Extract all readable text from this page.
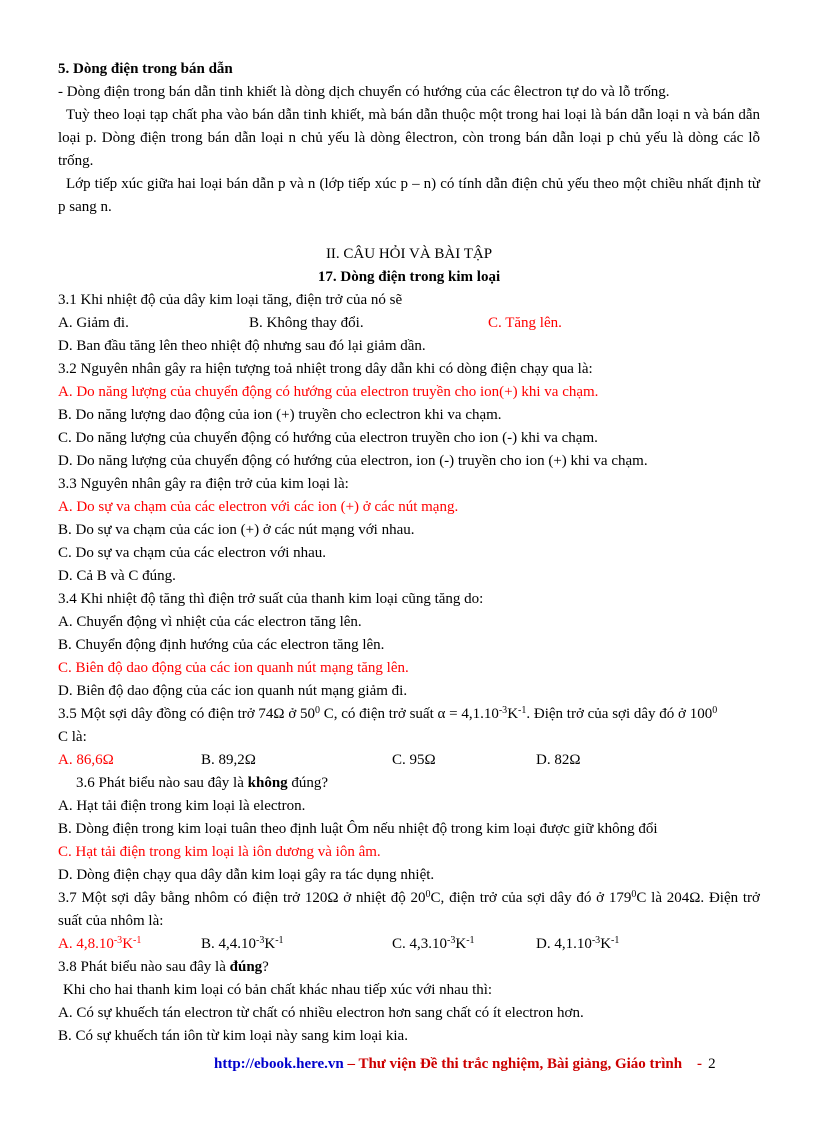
5. Dòng điện trong bán dẫn

- Dòng điện trong bán dẫn tinh khiết là dòng dịch chuyển có hướng của các êlectron tự do và lỗ trống.

Tuỳ theo loại tạp chất pha vào bán dẫn tinh khiết, mà bán dẫn thuộc một trong hai loại là bán dẫn loại n và bán dẫn loại p. Dòng điện trong bán dẫn loại n chủ yếu là dòng êlectron, còn trong bán dẫn loại p chủ yếu là dòng các lỗ trống.

Lớp tiếp xúc giữa hai loại bán dẫn p và n (lớp tiếp xúc p – n) có tính dẫn điện chủ yếu theo một chiều nhất định từ p sang n.

II. CÂU HỎI VÀ BÀI TẬP

17. Dòng điện trong kim loại

3.1 Khi nhiệt độ của dây kim loại tăng, điện trở của nó sẽ

A. Giảm đi.	B. Không thay đổi.	C. Tăng lên.

D. Ban đầu tăng lên theo nhiệt độ nhưng sau đó lại giảm dần.

3.2 Nguyên nhân gây ra hiện tượng toả nhiệt trong dây dẫn khi có dòng điện chạy qua là:

A. Do năng lượng của chuyển động có hướng của electron truyền cho ion(+) khi va chạm.

B. Do năng lượng dao động của ion (+) truyền cho eclectron khi va chạm.

C. Do năng lượng của chuyển động có hướng của electron truyền cho ion (-) khi va chạm.

D. Do năng lượng của chuyển động có hướng của electron, ion (-) truyền cho ion (+) khi va chạm.

3.3 Nguyên nhân gây ra điện trở của kim loại là:

A. Do sự va chạm của các electron với các ion (+) ở các nút mạng.

B. Do sự va chạm của các ion (+) ở các nút mạng với nhau.

C. Do sự va chạm của các electron với nhau.

D. Cả B và C đúng.

3.4 Khi nhiệt độ tăng thì điện trở suất của thanh kim loại cũng tăng do:

A. Chuyển động vì nhiệt của các electron tăng lên.

B. Chuyển động định hướng của các electron tăng lên.

C. Biên độ dao động của các ion quanh nút mạng tăng lên.

D. Biên độ dao động của các ion quanh nút mạng giảm đi.

3.5 Một sợi dây đồng có điện trở 74Ω ở $50^0$ C, có điện trở suất $\alpha = 4,1.10^{-3}K^{-1}$. Điện trở của sợi dây đó ở $100^0$
C là:

A. 86,6Ω	B. 89,2Ω	C. 95Ω	D. 82Ω

3.6 Phát biểu nào sau đây là không đúng?

A. Hạt tải điện trong kim loại là electron.

B. Dòng điện trong kim loại tuân theo định luật Ôm nếu nhiệt độ trong kim loại được giữ không đổi

C. Hạt tải điện trong kim loại là iôn dương và iôn âm.

D. Dòng điện chạy qua dây dẫn kim loại gây ra tác dụng nhiệt.

3.7 Một sợi dây bằng nhôm có điện trở 120Ω ở nhiệt độ $20^0C$, điện trở của sợi dây đó ở $179^0C$ là 204Ω. Điện trở suất của nhôm là:

A. $4,8.10^{-3}K^{-1}$	B. $4,4.10^{-3}K^{-1}$	C. $4,3.10^{-3}K^{-1}$	D. $4,1.10^{-3}K^{-1}$

3.8 Phát biểu nào sau đây là đúng?

Khi cho hai thanh kim loại có bản chất khác nhau tiếp xúc với nhau thì:

A. Có sự khuếch tán electron từ chất có nhiều electron hơn sang chất có ít electron hơn.

B. Có sự khuếch tán iôn từ kim loại này sang kim loại kia.

http://ebook.here.vn – Thư viện Đề thi trắc nghiệm, Bài giảng, Giáo trình    - 2
